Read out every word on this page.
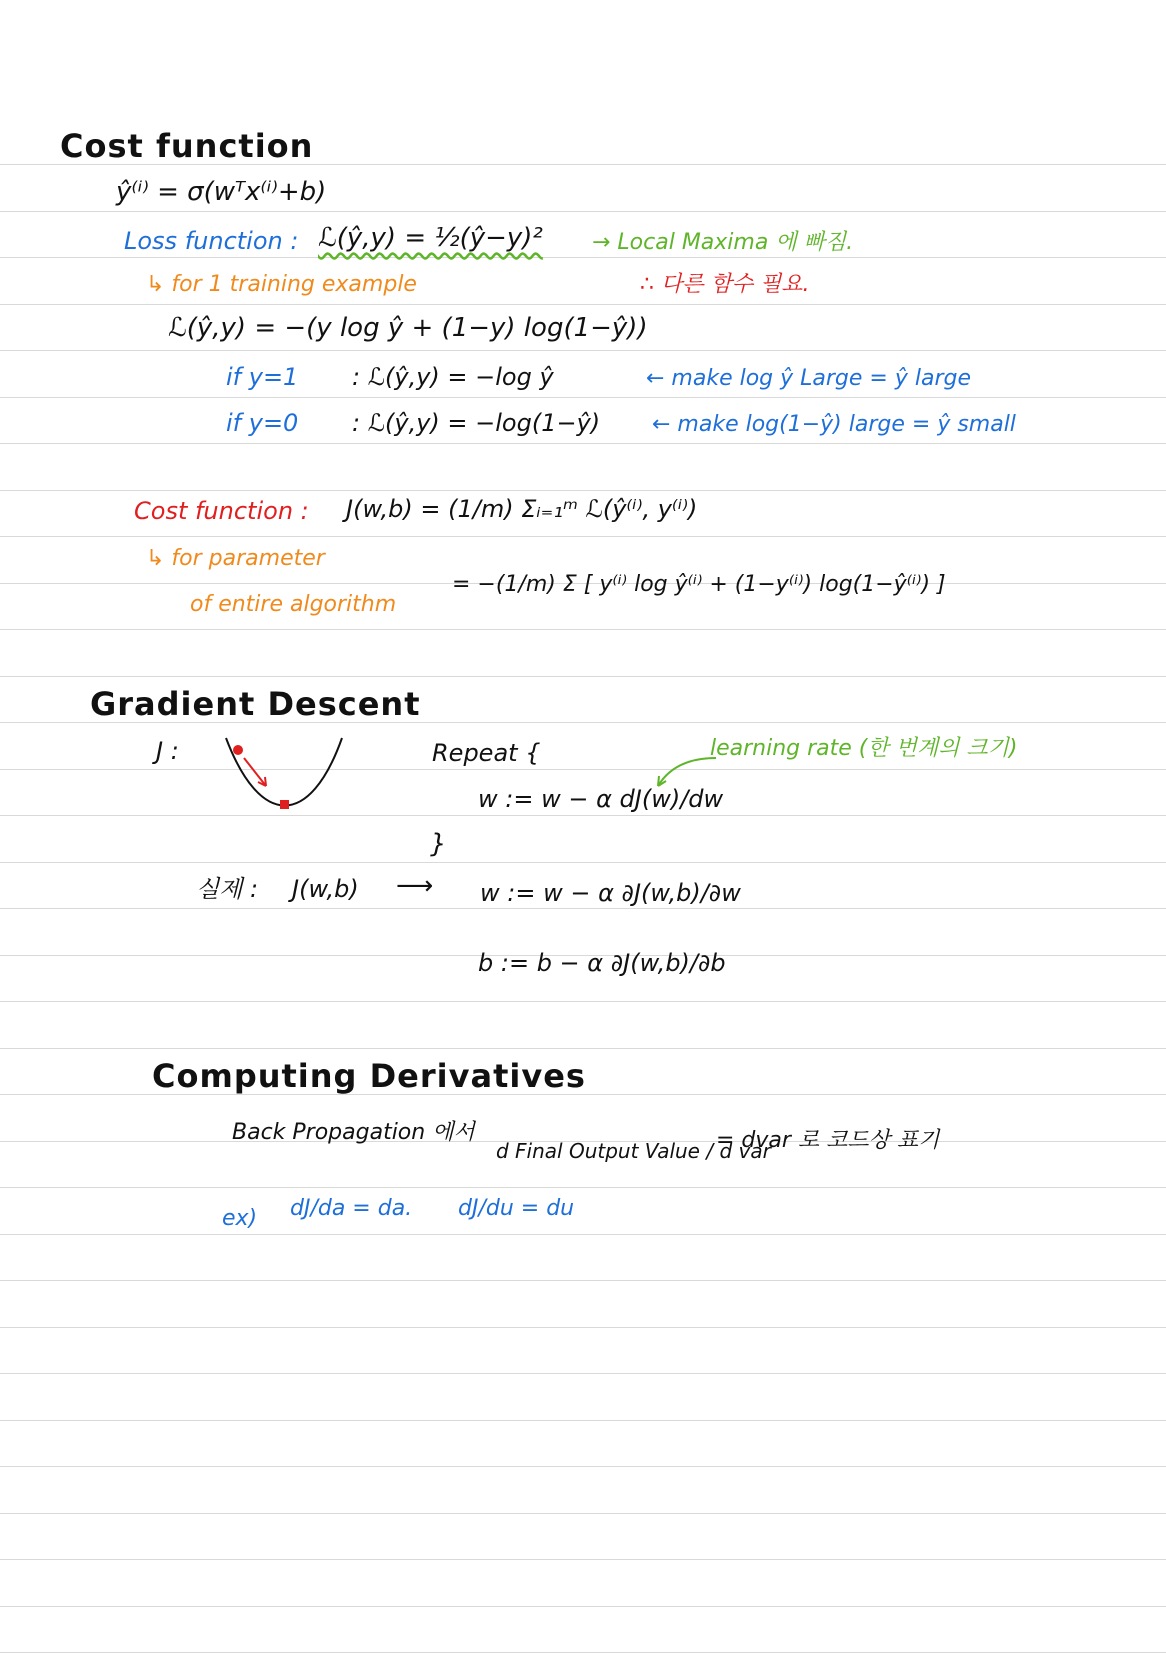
Cost function
ŷ⁽ⁱ⁾ = σ(wᵀx⁽ⁱ⁾+b)
Loss function : ℒ(ŷ,y) = ½(ŷ−y)² → Local Maxima 에 빠짐.
↳ for 1 training example	∴ 다른 함수 필요.
ℒ(ŷ,y) = −(y log ŷ + (1−y) log(1−ŷ))
if y=1 : ℒ(ŷ,y) = −log ŷ	← make log ŷ Large = ŷ large
if y=0 : ℒ(ŷ,y) = −log(1−ŷ) ← make log(1−ŷ) large = ŷ small
Cost function : J(w,b) = (1/m) Σᵢ₌₁ᵐ ℒ(ŷ⁽ⁱ⁾, y⁽ⁱ⁾)
↳ for parameter
of entire algorithm
= −(1/m) Σ [ y⁽ⁱ⁾ log ŷ⁽ⁱ⁾ + (1−y⁽ⁱ⁾) log(1−ŷ⁽ⁱ⁾) ]
Gradient Descent
J :	Repeat {
w := w − α dJ(w)/dw
}
learning rate (한 번계의 크기)
실제 : J(w,b) ⟶ w := w − α ∂J(w,b)/∂w
b := b − α ∂J(w,b)/∂b
Computing Derivatives
Back Propagation 에서
d Final Output Value / d var
= dvar 로 코드상 표기
ex) dJ/da = da. dJ/du = du
